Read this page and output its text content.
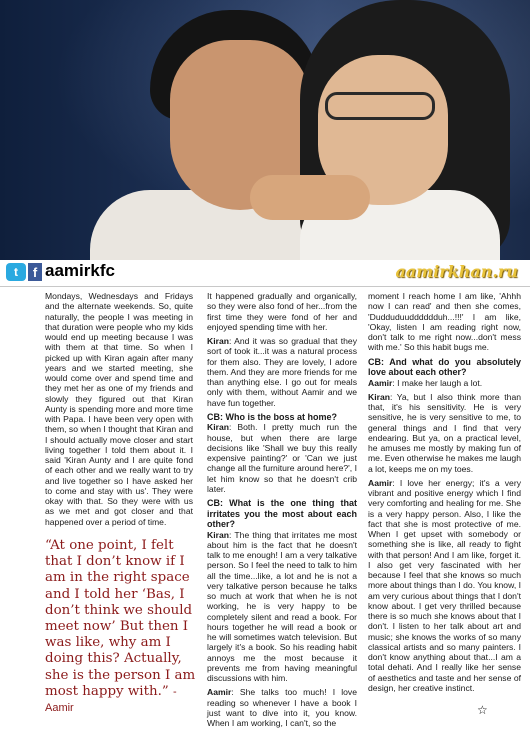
t	f aamirkfc	aamirkhan.ru

Mondays, Wednesdays and Fridays and the alternate weekends. So, quite naturally, the people I was meeting in that duration were people who my kids would end up meeting because I was with them at that time. So when I picked up with Kiran again after many years and we started meeting, she would come over and spend time and they met her as one of my friends and slowly they figured out that Kiran Aunty is spending more and more time with Papa. I have been very open with them, so when I thought that Kiran and I should actually move closer and start living together I told them about it. I said 'Kiran Aunty and I are quite fond of each other and we really want to try and live together so I have asked her to come and stay with us'. They were okay with that. So they were with us as we met and got closer and that happened over a period of time.

“At one point, I felt that I don’t know if I am in the right space and I told her ‘Bas, I don’t think we should meet now’ But then I was like, why am I doing this? Actually, she is the person I am most happy with.” - Aamir

It happened gradually and organically, so they were also fond of her...from the first time they were fond of her and enjoyed spending time with her.

Kiran: And it was so gradual that they sort of took it...it was a natural process for them also. They are lovely, I adore them. And they are more friends for me than anything else. I go out for meals only with them, without Aamir and we have fun together.

CB: Who is the boss at home?

Kiran: Both. I pretty much run the house, but when there are large decisions like 'Shall we buy this really expensive painting?' or 'Can we just change all the furniture around here?', I let him know so that he doesn't crib later.

CB: What is the one thing that irritates you the most about each other?

Kiran: The thing that irritates me most about him is the fact that he doesn't talk to me enough! I am a very talkative person. So I feel the need to talk to him all the time...like, a lot and he is not a very talkative person because he talks so much at work that when he is not working, he is very happy to be completely silent and read a book. For hours together he will read a book or he will sometimes watch television. But largely it's a book. So his reading habit annoys me the most because it prevents me from having meaningful discussions with him.

Aamir: She talks too much! I love reading so whenever I have a book I just want to dive into it, you know. When I am working, I can't, so the

moment I reach home I am like, 'Ahhh now I can read' and then she comes, 'Dudduduudddddduh...!!!' I am like, 'Okay, listen I am reading right now, don't talk to me right now...don't mess with me.' So this habit bugs me.

CB: And what do you absolutely love about each other?

Aamir: I make her laugh a lot.

Kiran: Ya, but I also think more than that, it's his sensitivity. He is very sensitive, he is very sensitive to me, to general things and I find that very endearing. But ya, on a practical level, he amuses me mostly by making fun of me. Even otherwise he makes me laugh a lot, keeps me on my toes.

Aamir: I love her energy; it's a very vibrant and positive energy which I find very comforting and healing for me. She is a very happy person. Also, I like the fact that she is most protective of me. When I get upset with somebody or something she is like, all ready to fight with that person! And I am like, forget it. I also get very fascinated with her because I feel that she knows so much more about things than I do. You know, I am very curious about things that I don't know about. I get very thrilled because there is so much she knows about that I don't. I listen to her talk about art and music; she knows the works of so many classical artists and so many painters. I don't know anything about that...I am a total dehati. And I really like her sense of aesthetics and taste and her sense of design, her creative instinct.

☆
